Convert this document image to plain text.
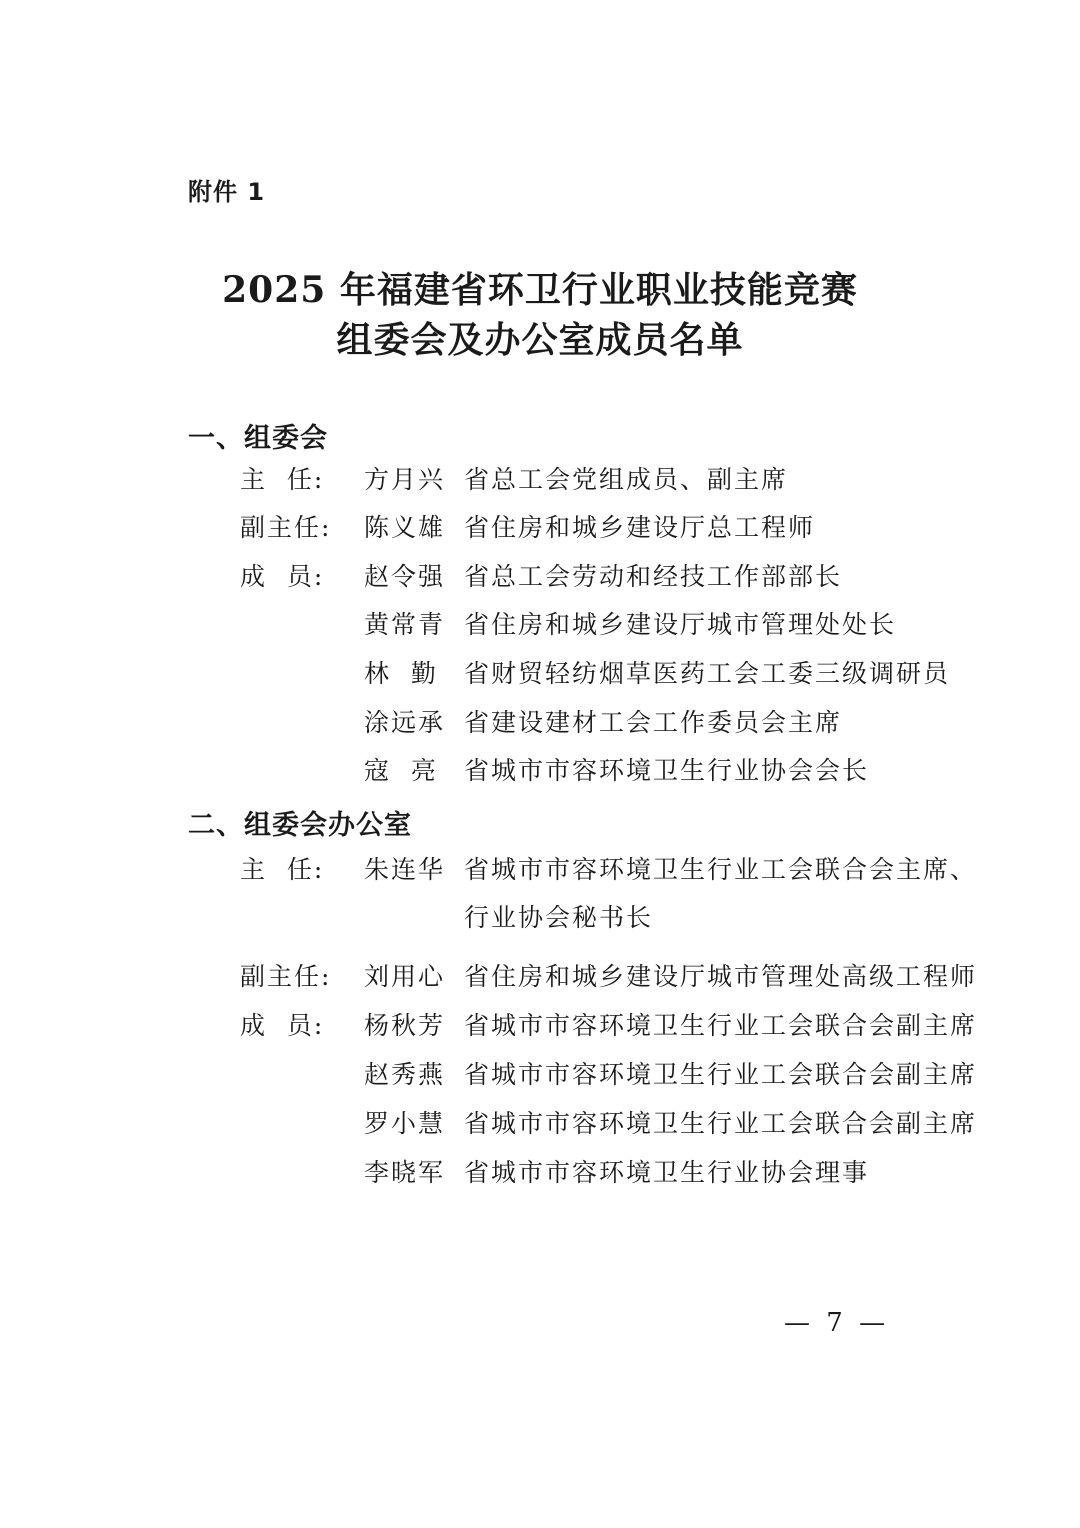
附件 1
2025 年福建省环卫行业职业技能竞赛
组委会及办公室成员名单
一、组委会
主  任:	方月兴 省总工会党组成员、副主席
副主任:	陈义雄 省住房和城乡建设厅总工程师
成  员:	赵令强 省总工会劳动和经技工作部部长
黄常青 省住房和城乡建设厅城市管理处处长
林  勤	省财贸轻纺烟草医药工会工委三级调研员
涂远承 省建设建材工会工作委员会主席
寇  亮	省城市市容环境卫生行业协会会长
二、组委会办公室
主  任:	朱连华 省城市市容环境卫生行业工会联合会主席、
行业协会秘书长
副主任:	刘用心 省住房和城乡建设厅城市管理处高级工程师
成  员:	杨秋芳 省城市市容环境卫生行业工会联合会副主席
赵秀燕 省城市市容环境卫生行业工会联合会副主席
罗小慧 省城市市容环境卫生行业工会联合会副主席
李晓军 省城市市容环境卫生行业协会理事
— 7 —
